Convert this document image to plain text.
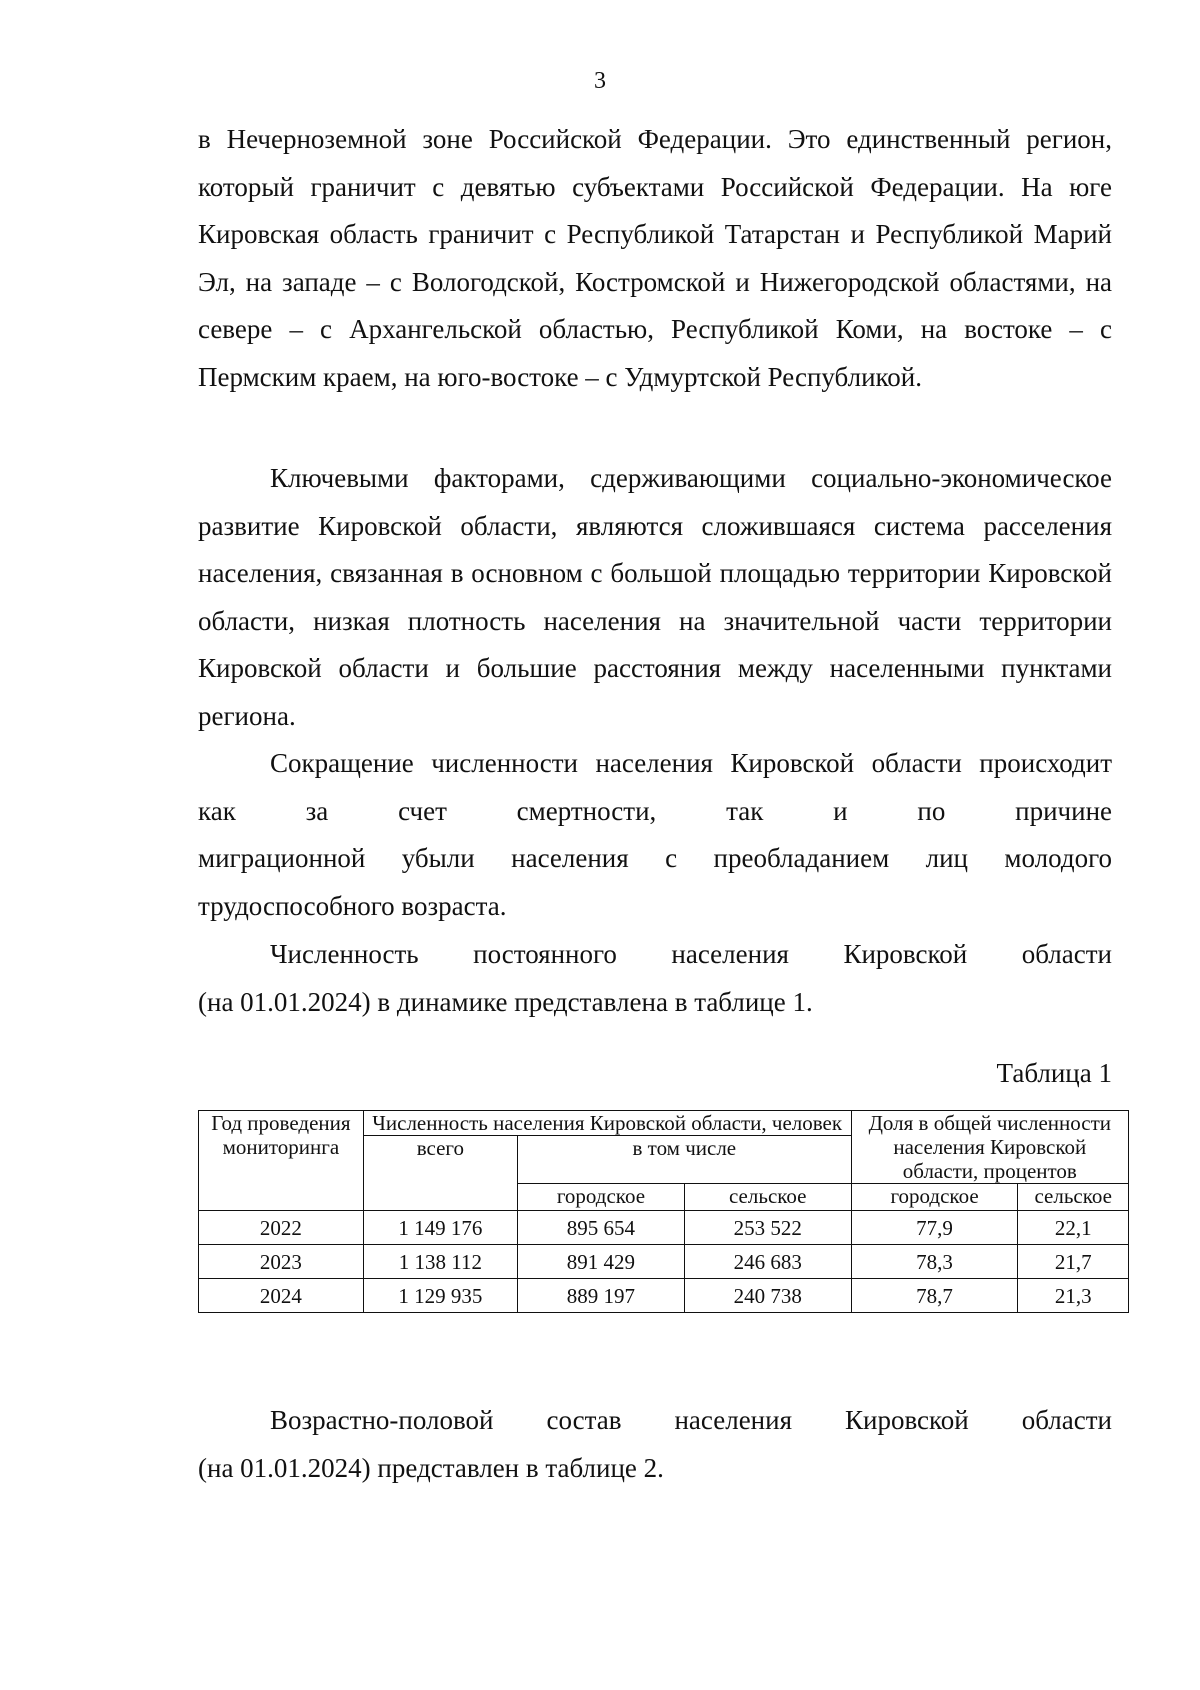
3
в Нечерноземной зоне Российской Федерации. Это единственный регион, который граничит с девятью субъектами Российской Федерации. На юге Кировская область граничит с Республикой Татарстан и Республикой Марий Эл, на западе – с Вологодской, Костромской и Нижегородской областями, на севере – с Архангельской областью, Республикой Коми, на востоке – с Пермским краем, на юго-востоке – с Удмуртской Республикой.
Ключевыми факторами, сдерживающими социально-экономическое развитие Кировской области, являются сложившаяся система расселения населения, связанная в основном с большой площадью территории Кировской области, низкая плотность населения на значительной части территории Кировской области и большие расстояния между населенными пунктами региона.
Сокращение численности населения Кировской области происходит
как за счет смертности, так и по причине
миграционной убыли населения с преобладанием лиц молодого
трудоспособного возраста.
Численность постоянного населения Кировской области
(на 01.01.2024) в динамике представлена в таблице 1.
Таблица 1
Год проведения мониторинга	Численность населения Кировской области, человек			Доля в общей численности населения Кировской области, процентов	
	всего	в том числе			
		городское	сельское	городское	сельское
2022	1 149 176	895 654	253 522	77,9	22,1
2023	1 138 112	891 429	246 683	78,3	21,7
2024	1 129 935	889 197	240 738	78,7	21,3
Возрастно-половой состав населения Кировской области
(на 01.01.2024) представлен в таблице 2.
